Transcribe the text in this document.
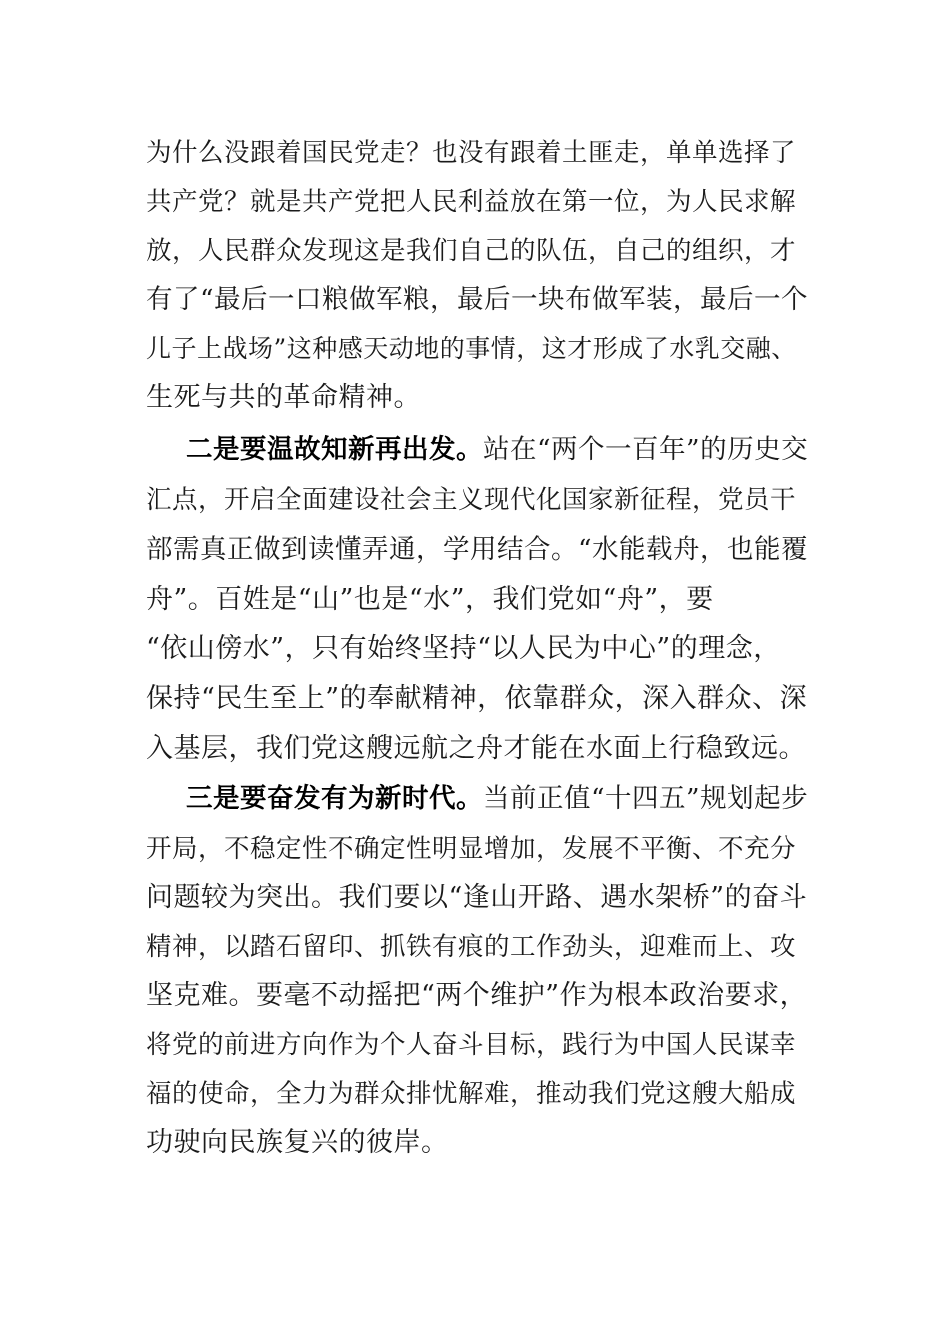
为什么没跟着国民党走？也没有跟着土匪走，单单选择了
共产党？就是共产党把人民利益放在第一位，为人民求解
放，人民群众发现这是我们自己的队伍，自己的组织，才
有了“最后一口粮做军粮，最后一块布做军装，最后一个
儿子上战场”这种感天动地的事情，这才形成了水乳交融、
生死与共的革命精神。
二是要温故知新再出发。站在“两个一百年”的历史交
汇点，开启全面建设社会主义现代化国家新征程，党员干
部需真正做到读懂弄通，学用结合。“水能载舟，也能覆
舟”。百姓是“山”也是“水”，我们党如“舟”，要
“依山傍水”，只有始终坚持“以人民为中心”的理念，
保持“民生至上”的奉献精神，依靠群众，深入群众、深
入基层，我们党这艘远航之舟才能在水面上行稳致远。
三是要奋发有为新时代。当前正值“十四五”规划起步
开局，不稳定性不确定性明显增加，发展不平衡、不充分
问题较为突出。我们要以“逢山开路、遇水架桥”的奋斗
精神，以踏石留印、抓铁有痕的工作劲头，迎难而上、攻
坚克难。要毫不动摇把“两个维护”作为根本政治要求，
将党的前进方向作为个人奋斗目标，践行为中国人民谋幸
福的使命，全力为群众排忧解难，推动我们党这艘大船成
功驶向民族复兴的彼岸。
